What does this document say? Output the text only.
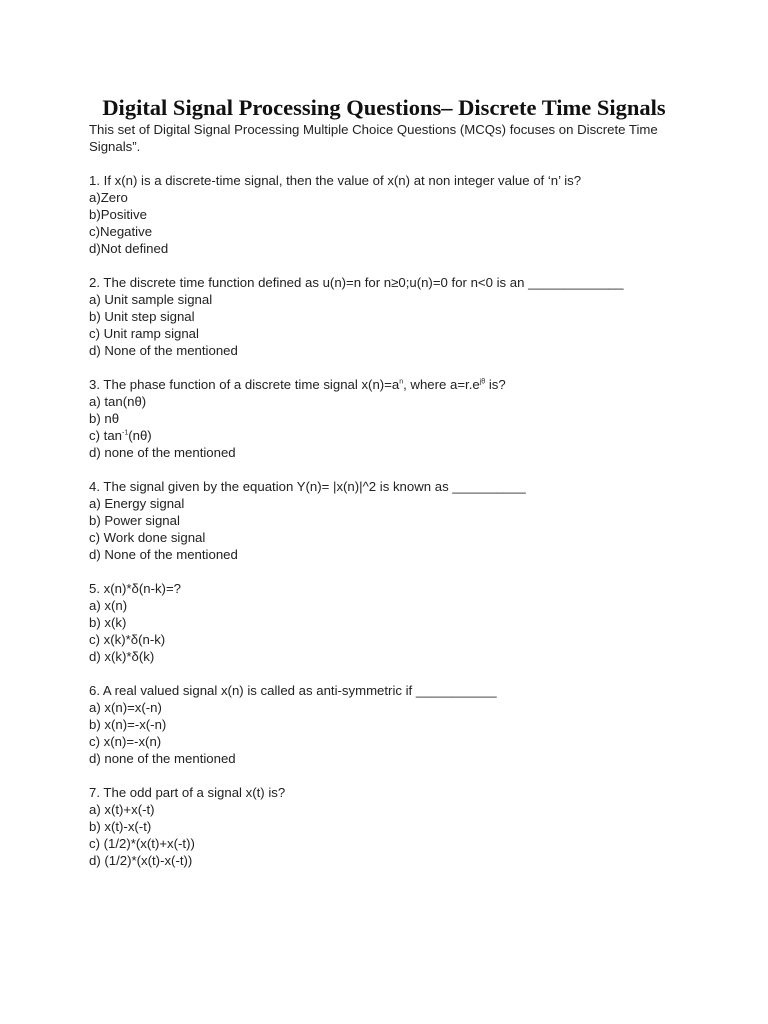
Digital Signal Processing Questions– Discrete Time Signals

This set of Digital Signal Processing Multiple Choice Questions (MCQs) focuses on Discrete Time Signals”.

1. If x(n) is a discrete-time signal, then the value of x(n) at non integer value of ‘n’ is?
a)Zero
b)Positive
c)Negative
d)Not defined
2. The discrete time function defined as u(n)=n for n≥0;u(n)=0 for n<0 is an _____________
a) Unit sample signal
b) Unit step signal
c) Unit ramp signal
d) None of the mentioned
3. The phase function of a discrete time signal $x(n)=a^n$, where $a=r.e^{j\theta}$ is?
a) tan(nθ)
b) nθ
c) $\tan^{-1}(n\theta)$
d) none of the mentioned
4. The signal given by the equation Y(n)= |x(n)|^2 is known as __________
a) Energy signal
b) Power signal
c) Work done signal
d) None of the mentioned
5. x(n)*δ(n-k)=?
a) x(n)
b) x(k)
c) x(k)*δ(n-k)
d) x(k)*δ(k)
6. A real valued signal x(n) is called as anti-symmetric if ___________
a) x(n)=x(-n)
b) x(n)=-x(-n)
c) x(n)=-x(n)
d) none of the mentioned
7. The odd part of a signal x(t) is?
a) x(t)+x(-t)
b) x(t)-x(-t)
c) (1/2)*(x(t)+x(-t))
d) (1/2)*(x(t)-x(-t))
